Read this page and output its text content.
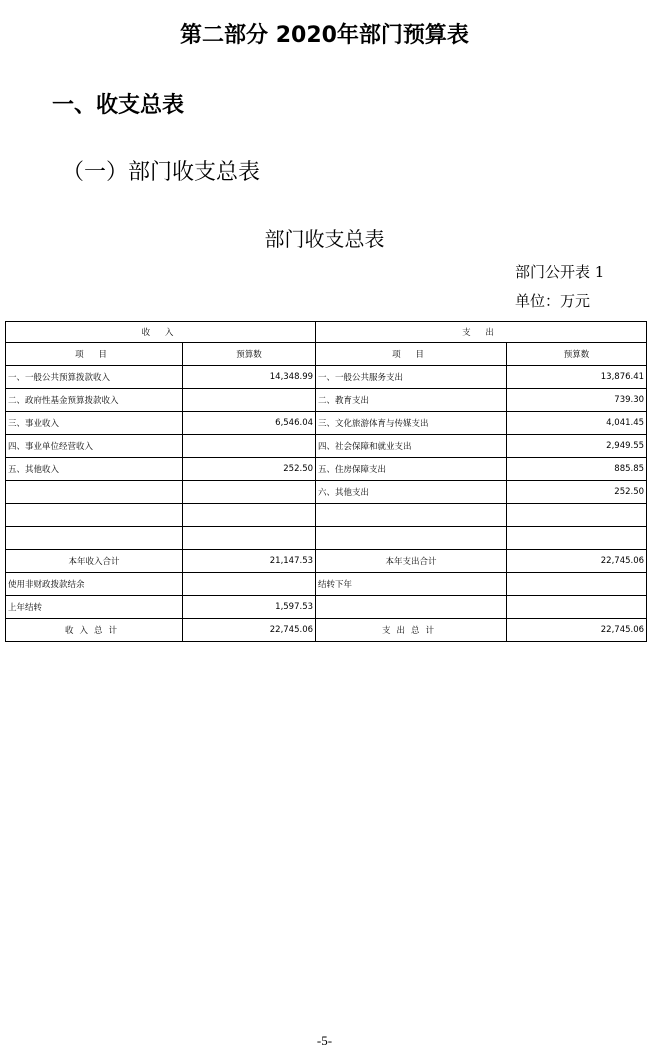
第二部分 2020年部门预算表
一、收支总表
（一）部门收支总表
部门收支总表
部门公开表 1
单位：万元
收 入		支 出	
项 目	预算数	项 目	预算数
一、一般公共预算拨款收入	14,348.99	一、一般公共服务支出	13,876.41
二、政府性基金预算拨款收入		二、教育支出	739.30
三、事业收入	6,546.04	三、文化旅游体育与传媒支出	4,041.45
四、事业单位经营收入		四、社会保障和就业支出	2,949.55
五、其他收入	252.50	五、住房保障支出	885.85
		六、其他支出	252.50

本年收入合计	21,147.53	本年支出合计	22,745.06
使用非财政拨款结余		结转下年	
上年结转	1,597.53		
收入总计	22,745.06	支出总计	22,745.06
-5-
